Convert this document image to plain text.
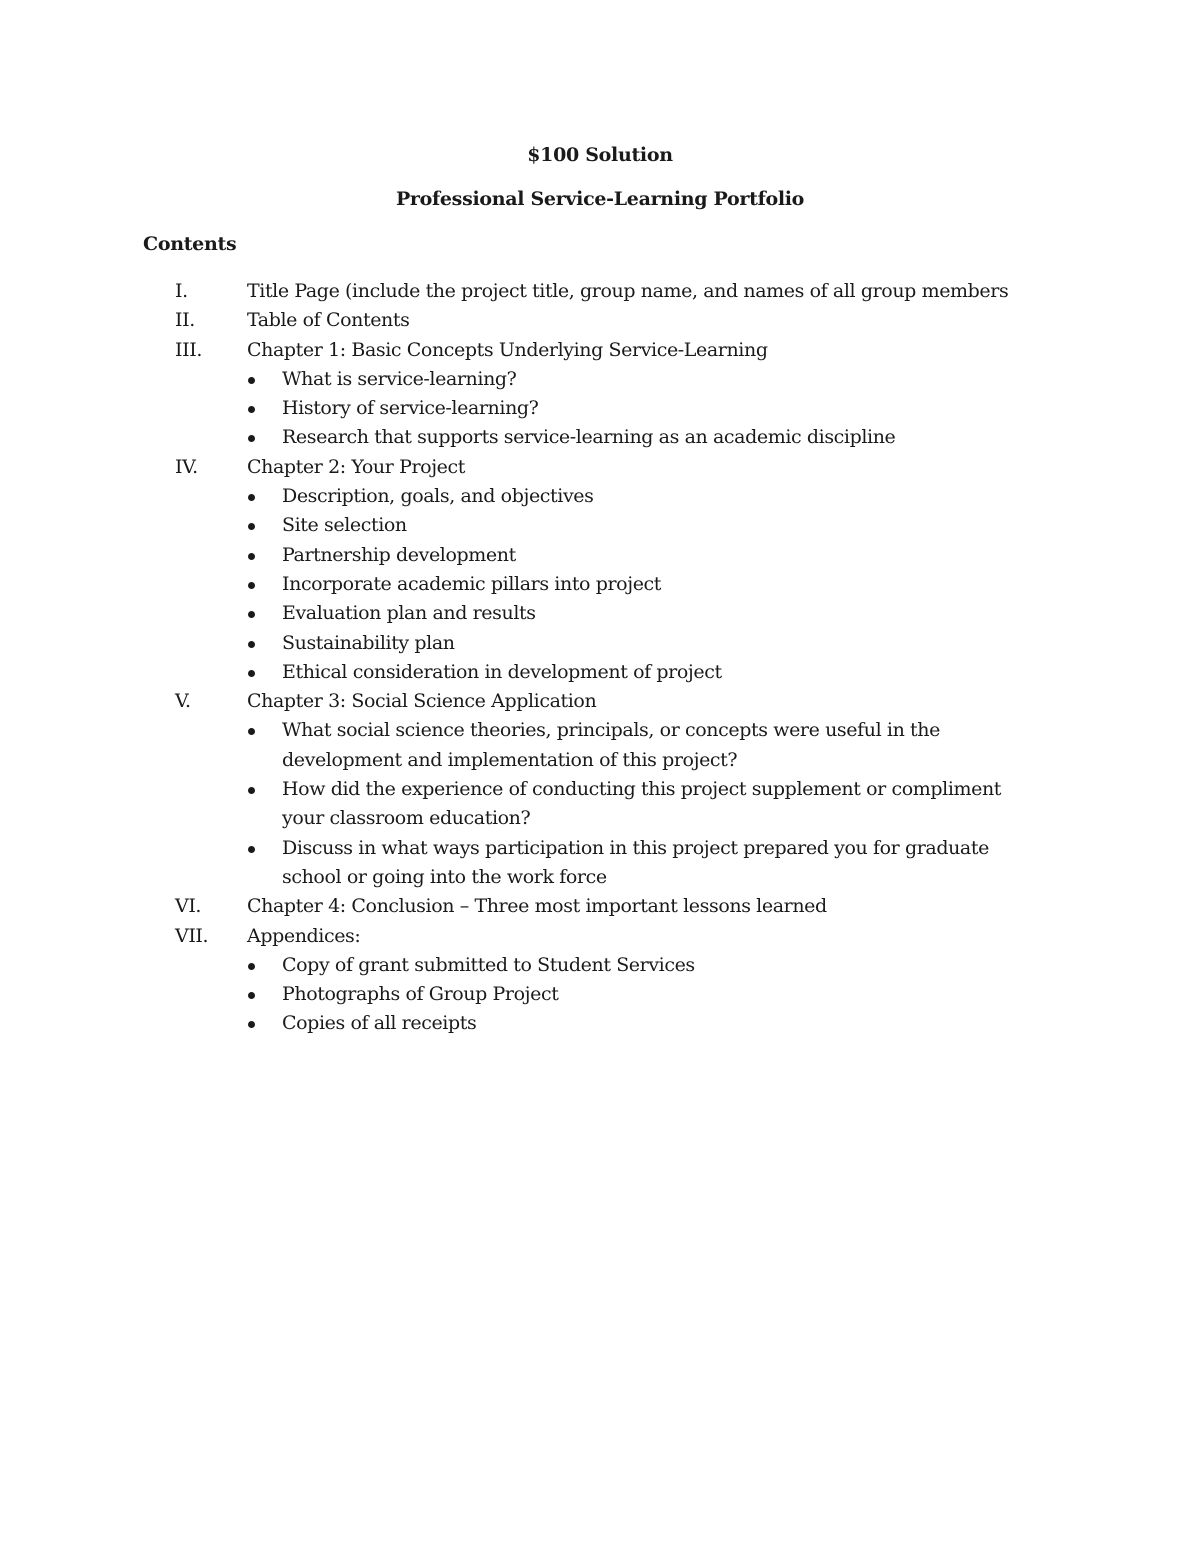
$100 Solution
Professional Service-Learning Portfolio
Contents
I.	Title Page (include the project title, group name, and names of all group members
II.	Table of Contents
III.	Chapter 1: Basic Concepts Underlying Service-Learning
What is service-learning?
History of service-learning?
Research that supports service-learning as an academic discipline
IV.	Chapter 2: Your Project
Description, goals, and objectives
Site selection
Partnership development
Incorporate academic pillars into project
Evaluation plan and results
Sustainability plan
Ethical consideration in development of project
V.	Chapter 3: Social Science Application
What social science theories, principals, or concepts were useful in the development and implementation of this project?
How did the experience of conducting this project supplement or compliment your classroom education?
Discuss in what ways participation in this project prepared you for graduate school or going into the work force
VI.	Chapter 4: Conclusion – Three most important lessons learned
VII.	Appendices:
Copy of grant submitted to Student Services
Photographs of Group Project
Copies of all receipts
